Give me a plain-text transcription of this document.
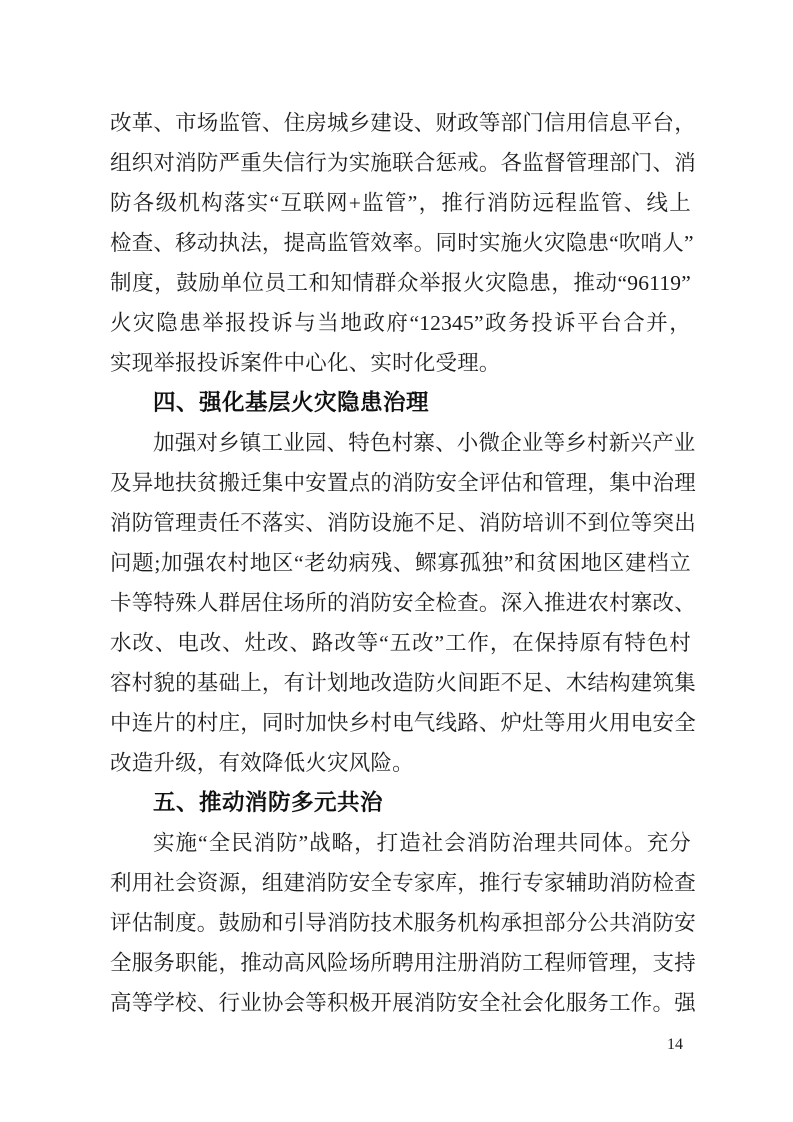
改革、市场监管、住房城乡建设、财政等部门信用信息平台，
组织对消防严重失信行为实施联合惩戒。各监督管理部门、消
防各级机构落实“互联网+监管”，推行消防远程监管、线上
检查、移动执法，提高监管效率。同时实施火灾隐患“吹哨人”
制度，鼓励单位员工和知情群众举报火灾隐患，推动“96119”
火灾隐患举报投诉与当地政府“12345”政务投诉平台合并，
实现举报投诉案件中心化、实时化受理。
四、强化基层火灾隐患治理
加强对乡镇工业园、特色村寨、小微企业等乡村新兴产业
及异地扶贫搬迁集中安置点的消防安全评估和管理，集中治理
消防管理责任不落实、消防设施不足、消防培训不到位等突出
问题;加强农村地区“老幼病残、鳏寡孤独”和贫困地区建档立
卡等特殊人群居住场所的消防安全检查。深入推进农村寨改、
水改、电改、灶改、路改等“五改”工作，在保持原有特色村
容村貌的基础上，有计划地改造防火间距不足、木结构建筑集
中连片的村庄，同时加快乡村电气线路、炉灶等用火用电安全
改造升级，有效降低火灾风险。
五、推动消防多元共治
实施“全民消防”战略，打造社会消防治理共同体。充分
利用社会资源，组建消防安全专家库，推行专家辅助消防检查
评估制度。鼓励和引导消防技术服务机构承担部分公共消防安
全服务职能，推动高风险场所聘用注册消防工程师管理，支持
高等学校、行业协会等积极开展消防安全社会化服务工作。强
14
